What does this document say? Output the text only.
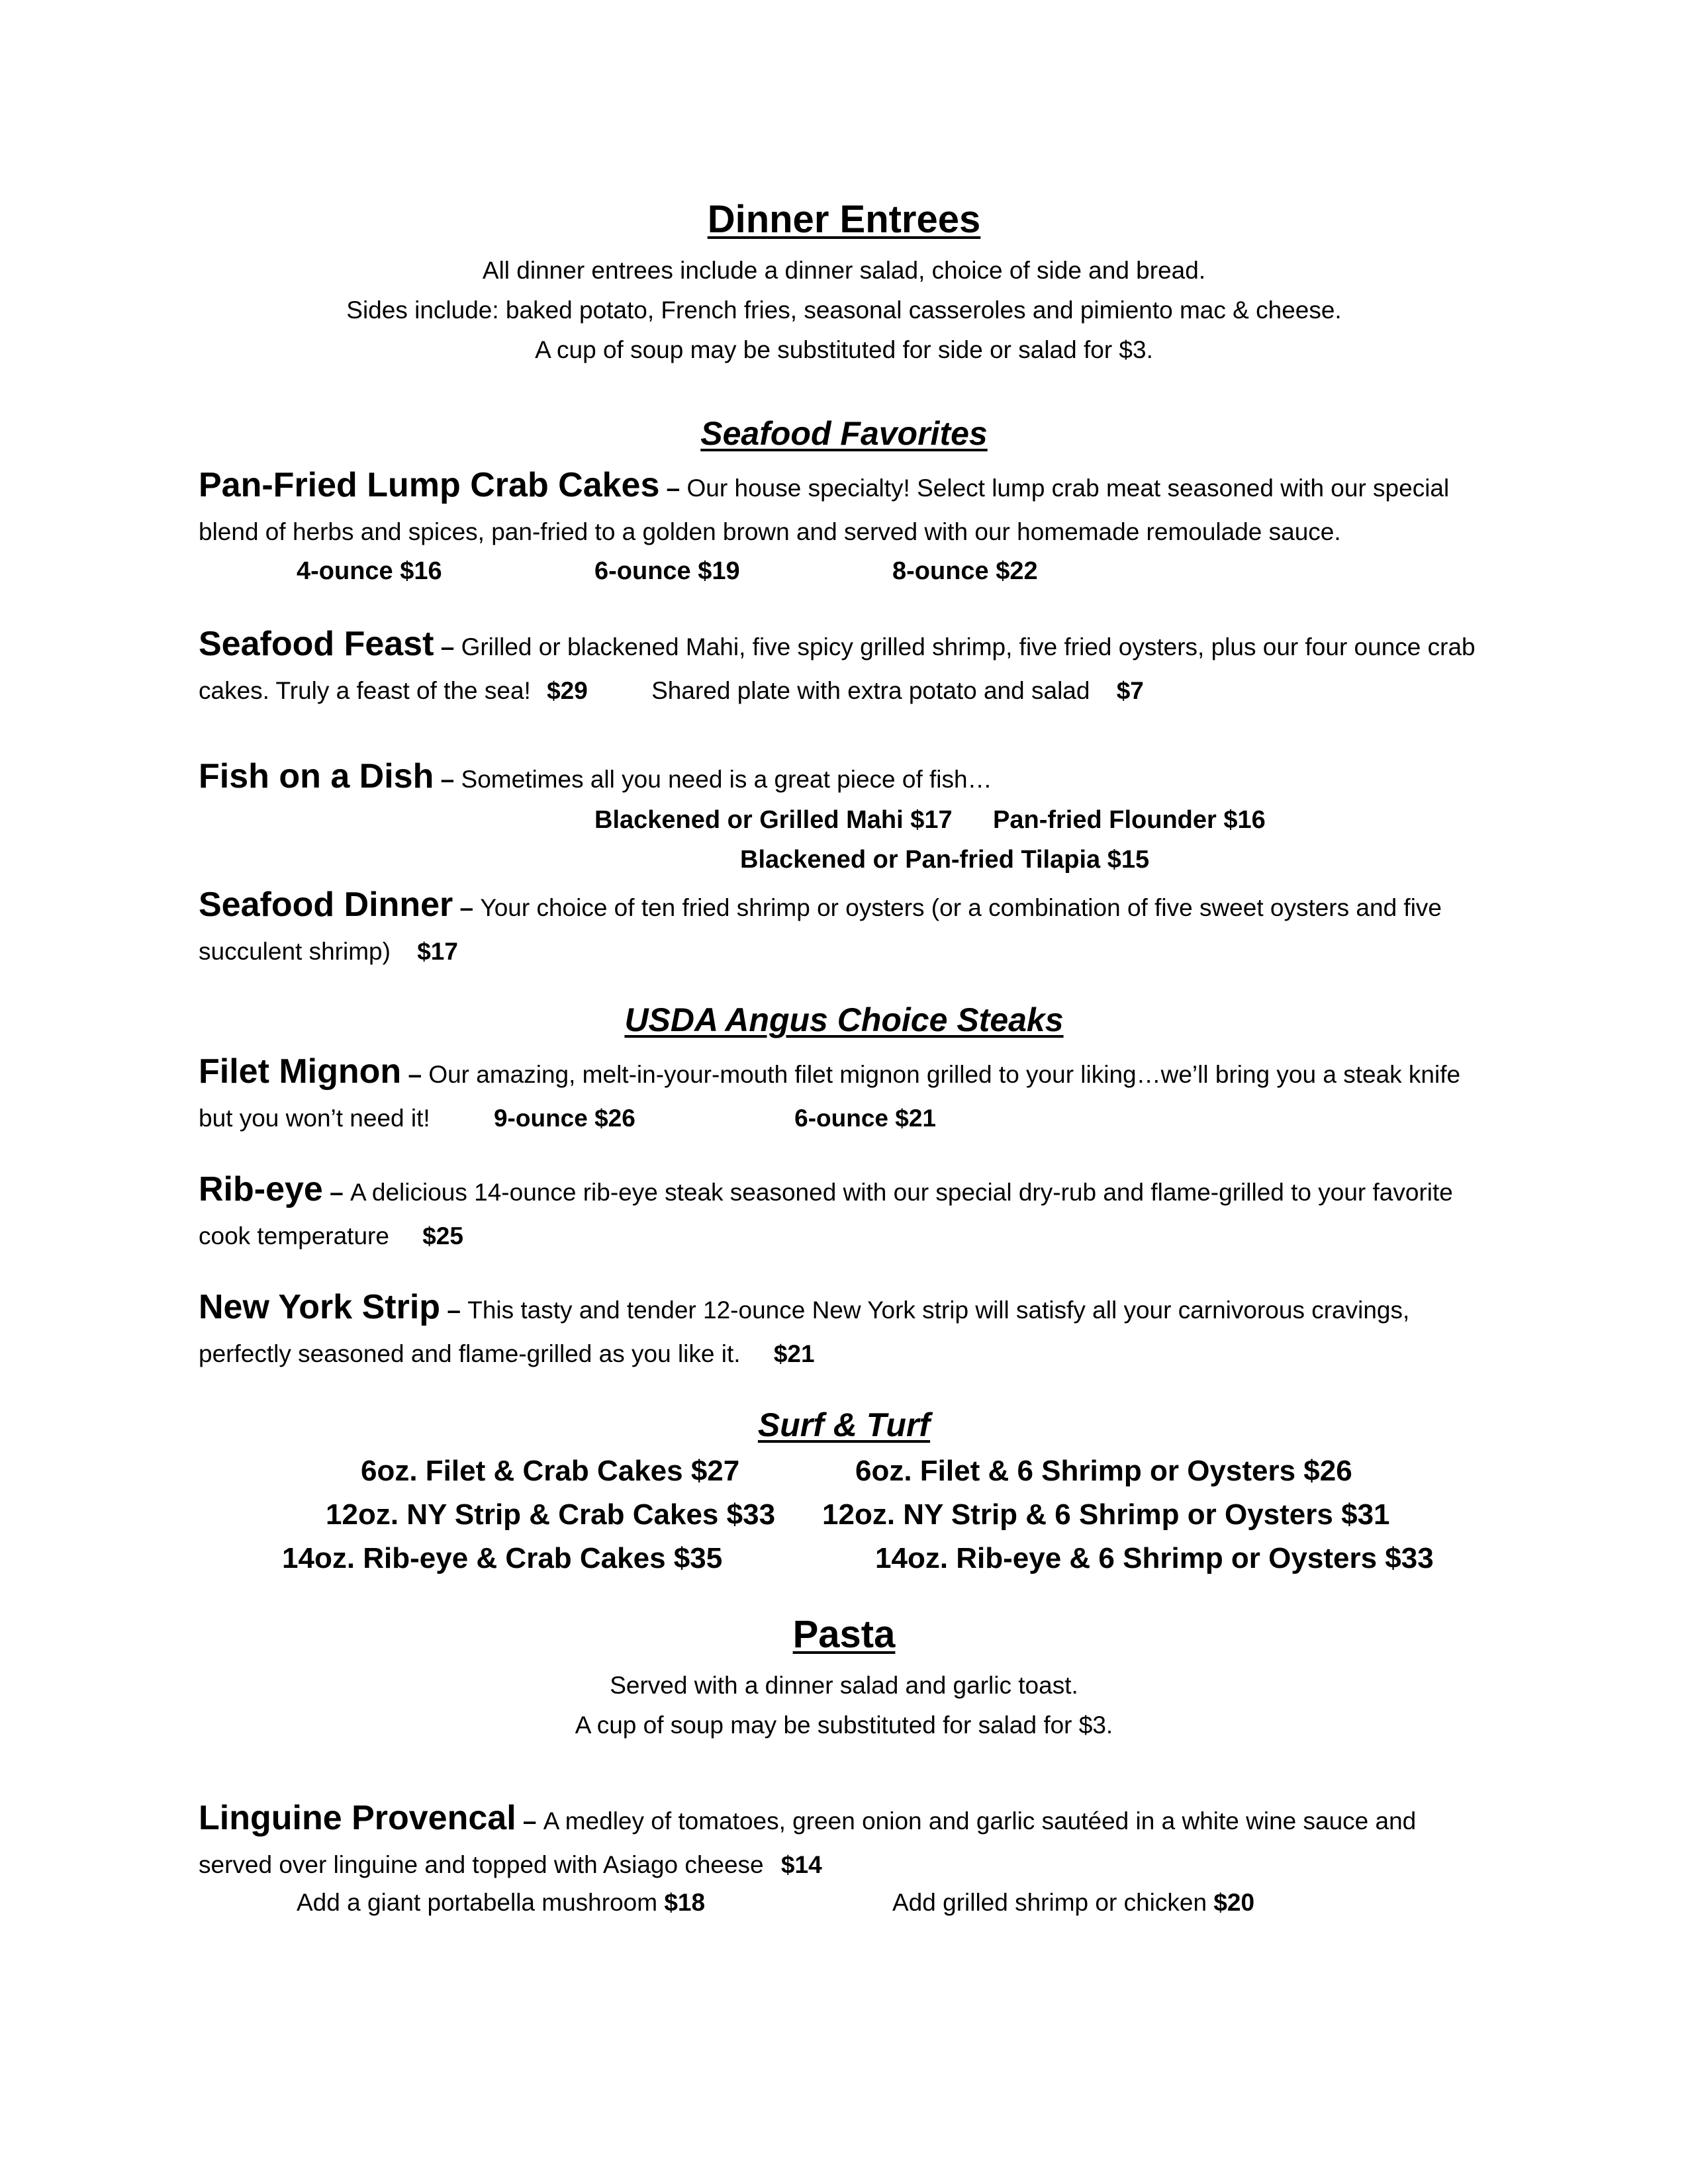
Dinner Entrees
All dinner entrees include a dinner salad, choice of side and bread.
Sides include: baked potato, French fries, seasonal casseroles and pimiento mac & cheese.
A cup of soup may be substituted for side or salad for $3.
Seafood Favorites
Pan-Fried Lump Crab Cakes – Our house specialty! Select lump crab meat seasoned with our special blend of herbs and spices, pan-fried to a golden brown and served with our homemade remoulade sauce.
4-ounce $16	6-ounce $19	8-ounce $22
Seafood Feast – Grilled or blackened Mahi, five spicy grilled shrimp, five fried oysters, plus our four ounce crab cakes. Truly a feast of the sea! $29	Shared plate with extra potato and salad $7
Fish on a Dish – Sometimes all you need is a great piece of fish…
Blackened or Grilled Mahi $17 Pan-fried Flounder $16
Blackened or Pan-fried Tilapia $15
Seafood Dinner – Your choice of ten fried shrimp or oysters (or a combination of five sweet oysters and five succulent shrimp) $17
USDA Angus Choice Steaks
Filet Mignon – Our amazing, melt-in-your-mouth filet mignon grilled to your liking…we’ll bring you a steak knife but you won’t need it!	9-ounce $26	6-ounce $21
Rib-eye – A delicious 14-ounce rib-eye steak seasoned with our special dry-rub and flame-grilled to your favorite cook temperature $25
New York Strip – This tasty and tender 12-ounce New York strip will satisfy all your carnivorous cravings, perfectly seasoned and flame-grilled as you like it. $21
Surf & Turf
6oz. Filet & Crab Cakes $27	6oz. Filet & 6 Shrimp or Oysters $26
12oz. NY Strip & Crab Cakes $33 12oz. NY Strip & 6 Shrimp or Oysters $31
14oz. Rib-eye & Crab Cakes $35	14oz. Rib-eye & 6 Shrimp or Oysters $33
Pasta
Served with a dinner salad and garlic toast.
A cup of soup may be substituted for salad for $3.
Linguine Provencal – A medley of tomatoes, green onion and garlic sautéed in a white wine sauce and served over linguine and topped with Asiago cheese $14
Add a giant portabella mushroom $18	Add grilled shrimp or chicken $20
